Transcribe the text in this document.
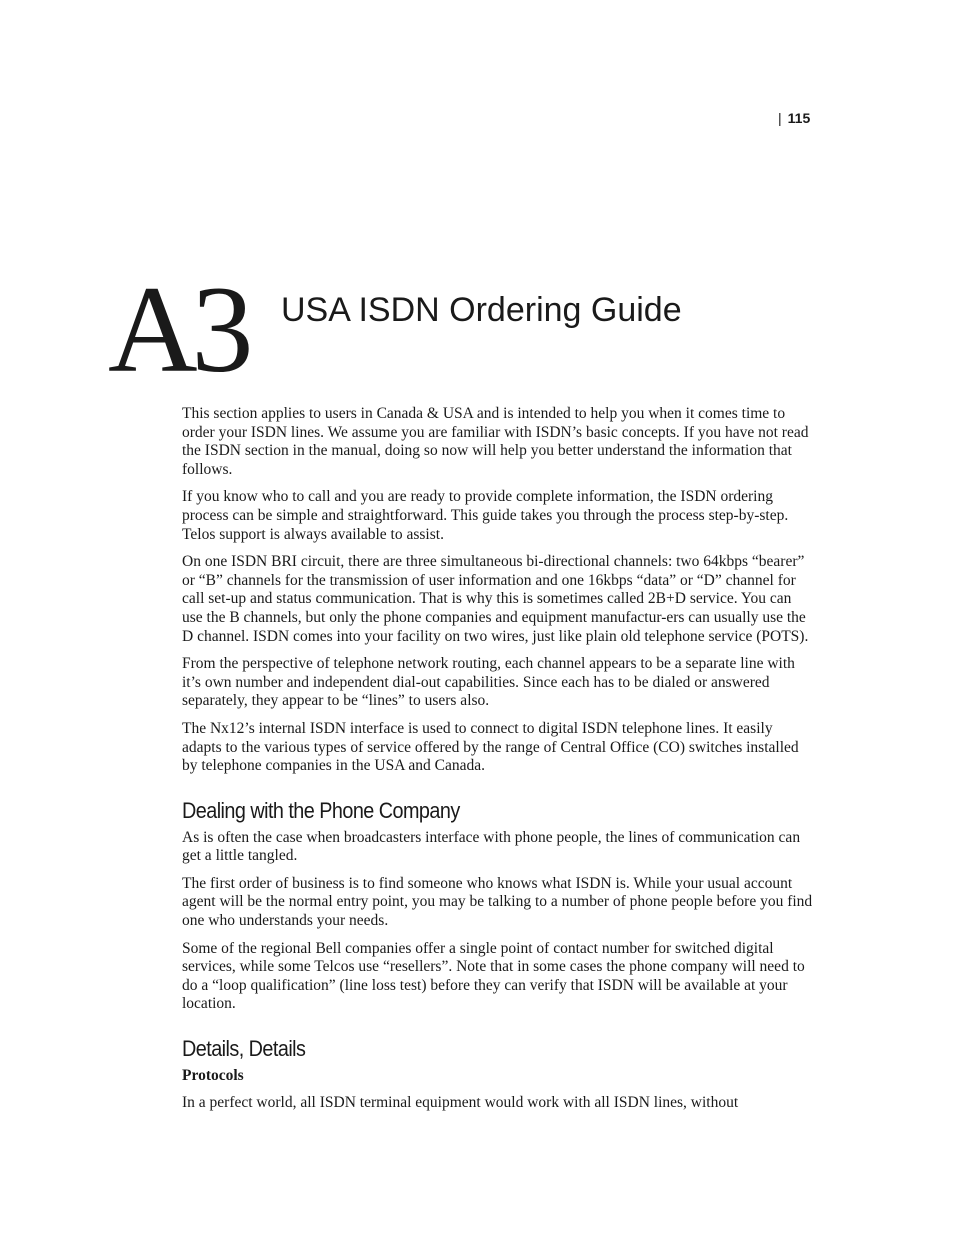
| 115
A3 USA ISDN Ordering Guide

This section applies to users in Canada & USA and is intended to help you when it comes time to order your ISDN lines. We assume you are familiar with ISDN’s basic concepts. If you have not read the ISDN section in the manual, doing so now will help you better understand the information that follows.

If you know who to call and you are ready to provide complete information, the ISDN ordering process can be simple and straightforward. This guide takes you through the process step-by-step. Telos support is always available to assist.

On one ISDN BRI circuit, there are three simultaneous bi-directional channels: two 64kbps “bearer” or “B” channels for the transmission of user information and one 16kbps “data” or “D” channel for call set-up and status communication. That is why this is sometimes called 2B+D service. You can use the B channels, but only the phone companies and equipment manufactur-ers can usually use the D channel. ISDN comes into your facility on two wires, just like plain old telephone service (POTS).

From the perspective of telephone network routing, each channel appears to be a separate line with it’s own number and independent dial-out capabilities. Since each has to be dialed or answered separately, they appear to be “lines” to users also.

The Nx12’s internal ISDN interface is used to connect to digital ISDN telephone lines. It easily adapts to the various types of service offered by the range of Central Office (CO) switches installed by telephone companies in the USA and Canada.

Dealing with the Phone Company

As is often the case when broadcasters interface with phone people, the lines of communication can get a little tangled.

The first order of business is to find someone who knows what ISDN is. While your usual account agent will be the normal entry point, you may be talking to a number of phone people before you find one who understands your needs.

Some of the regional Bell companies offer a single point of contact number for switched digital services, while some Telcos use “resellers”. Note that in some cases the phone company will need to do a “loop qualification” (line loss test) before they can verify that ISDN will be available at your location.

Details, Details
Protocols

In a perfect world, all ISDN terminal equipment would work with all ISDN lines, without
